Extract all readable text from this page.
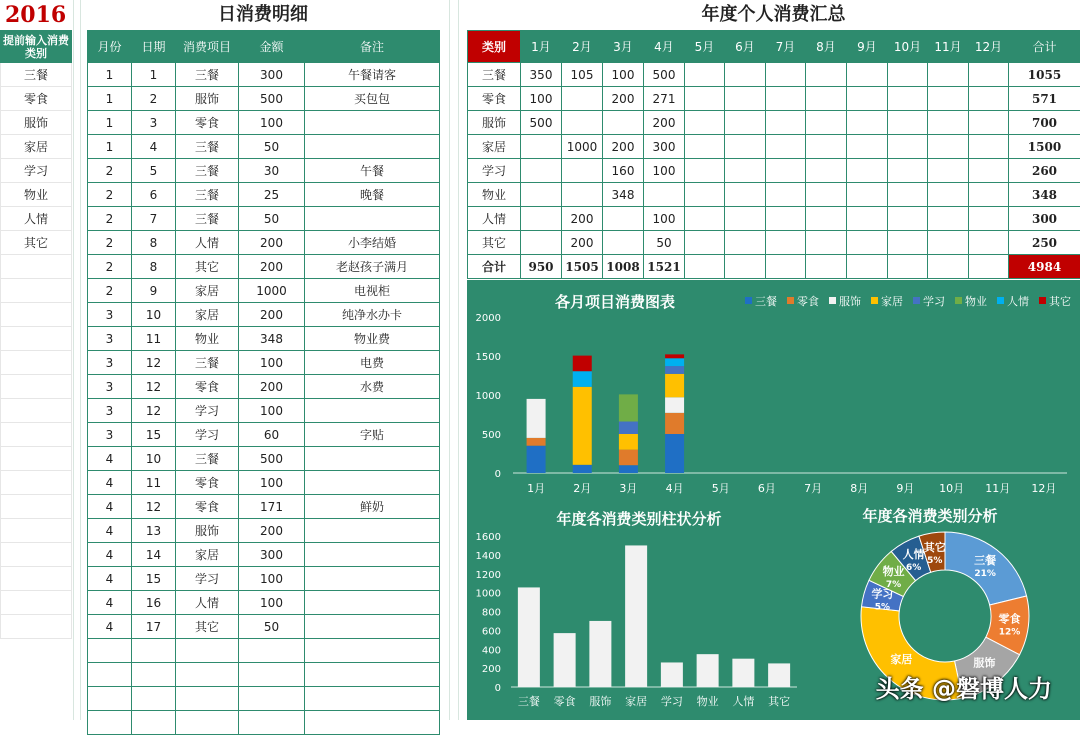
2016	日消费明细	年度个人消费汇总
提前输入消费类别
三餐
零食
服饰
家居
学习
物业
人情
其它

月份	日期	消费项目	金额	备注
1	1	三餐	300	午餐请客
1	2	服饰	500	买包包
1	3	零食	100	
1	4	三餐	50	
2	5	三餐	30	午餐
2	6	三餐	25	晚餐
2	7	三餐	50	
2	8	人情	200	小李结婚
2	8	其它	200	老赵孩子满月
2	9	家居	1000	电视柜
3	10	家居	200	纯净水办卡
3	11	物业	348	物业费
3	12	三餐	100	电费
3	12	零食	200	水费
3	12	学习	100	
3	15	学习	60	字贴
4	10	三餐	500	
4	11	零食	100	
4	12	零食	171	鲜奶
4	13	服饰	200	
4	14	家居	300	
4	15	学习	100	
4	16	人情	100	
4	17	其它	50	

类别	1月	2月	3月	4月	5月	6月	7月	8月	9月	10月	11月	12月	合计
三餐	350	105	100	500									1055
零食	100		200	271									571
服饰	500			200									700
家居		1000	200	300									1500
学习			160	100									260
物业			348										348
人情		200		100									300
其它		200		50									250
合计	950	1505	1008	1521									4984
各月项目消费图表
0
500
1000
1500
2000
1月	2月	3月	4月	5月	6月	7月	8月	9月 10月 11月 12月
三餐 零食 服饰 家居 学习 物业 人情 其它
年度各消费类别柱状分析
0
200
400
600
800
1000
1200
1400
1600
三餐 零食 服饰 家居 学习 物业 人情 其它
年度各消费类别分析
三餐
21%
零食
12%
服饰
家居
学习
5%
物业
7%
人情
6%
其它
5%
头条 @磐博人力
